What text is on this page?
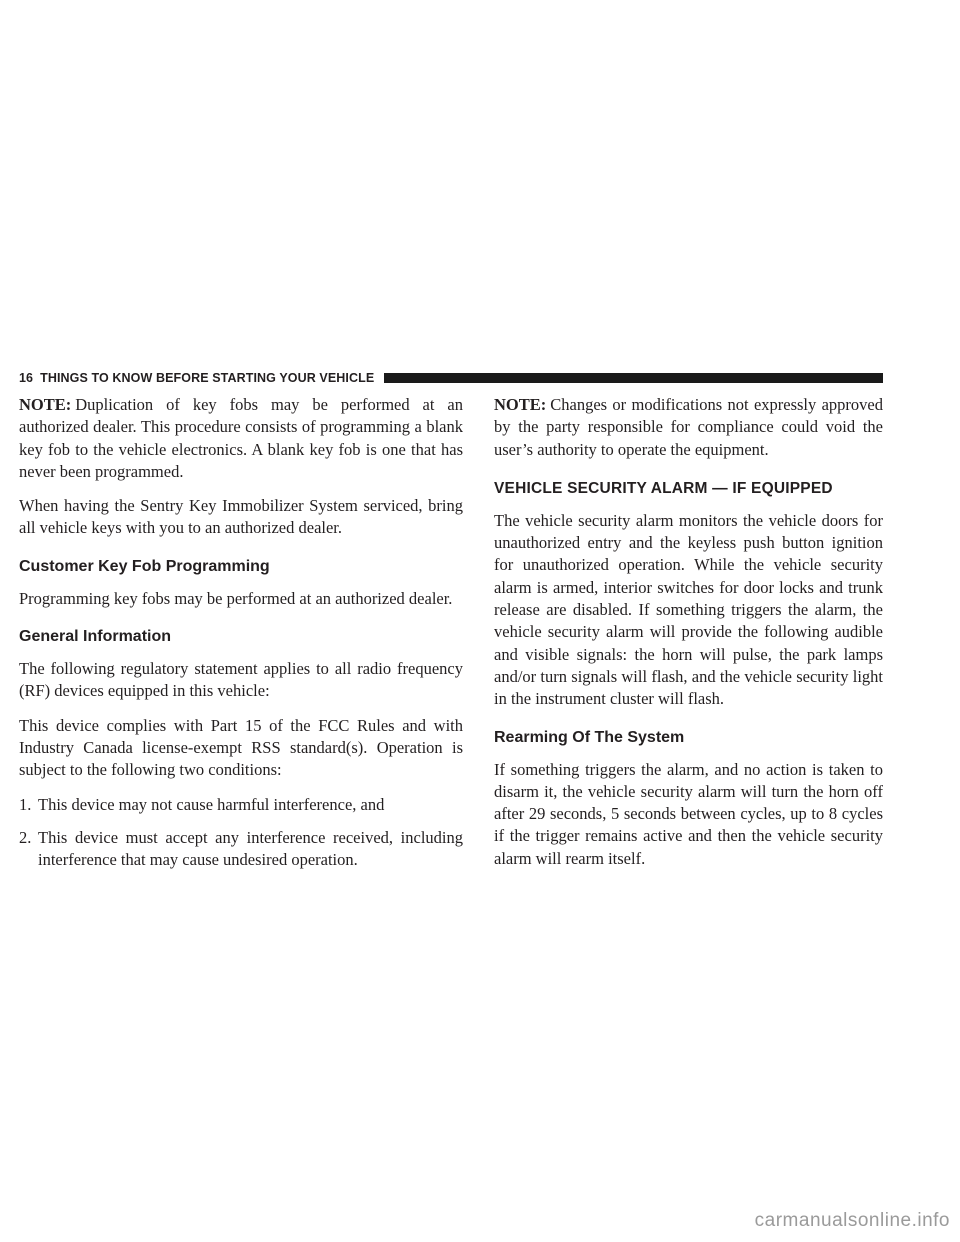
16 THINGS TO KNOW BEFORE STARTING YOUR VEHICLE

NOTE: Duplication of key fobs may be performed at an authorized dealer. This procedure consists of programming a blank key fob to the vehicle electronics. A blank key fob is one that has never been programmed.

When having the Sentry Key Immobilizer System serviced, bring all vehicle keys with you to an authorized dealer.

Customer Key Fob Programming

Programming key fobs may be performed at an authorized dealer.

General Information

The following regulatory statement applies to all radio frequency (RF) devices equipped in this vehicle:

This device complies with Part 15 of the FCC Rules and with Industry Canada license-exempt RSS standard(s). Operation is subject to the following two conditions:

1. This device may not cause harmful interference, and
2. This device must accept any interference received, including interference that may cause undesired operation.

NOTE: Changes or modifications not expressly approved by the party responsible for compliance could void the user’s authority to operate the equipment.

VEHICLE SECURITY ALARM — IF EQUIPPED

The vehicle security alarm monitors the vehicle doors for unauthorized entry and the keyless push button ignition for unauthorized operation. While the vehicle security alarm is armed, interior switches for door locks and trunk release are disabled. If something triggers the alarm, the vehicle security alarm will provide the following audible and visible signals: the horn will pulse, the park lamps and/or turn signals will flash, and the vehicle security light in the instrument cluster will flash.

Rearming Of The System

If something triggers the alarm, and no action is taken to disarm it, the vehicle security alarm will turn the horn off after 29 seconds, 5 seconds between cycles, up to 8 cycles if the trigger remains active and then the vehicle security alarm will rearm itself.

carmanualsonline.info
